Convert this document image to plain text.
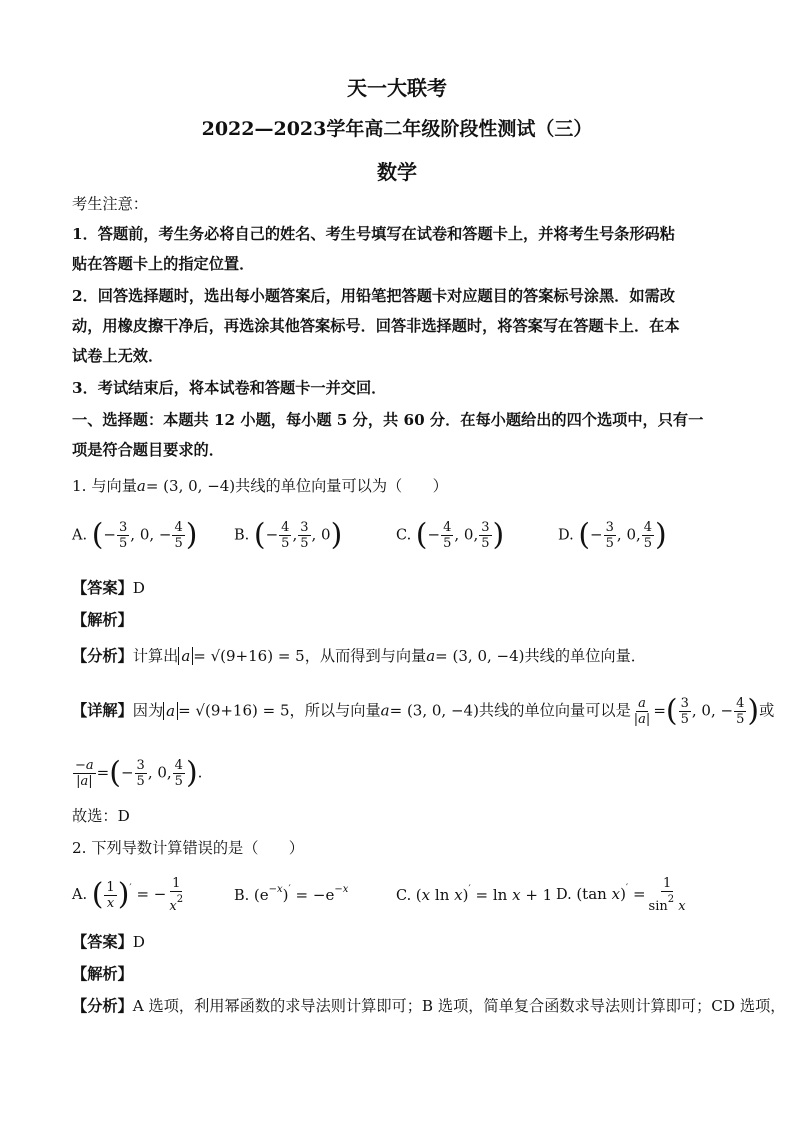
天一大联考
2022—2023学年高二年级阶段性测试（三）
数学
考生注意：
1．答题前，考生务必将自己的姓名、考生号填写在试卷和答题卡上，并将考生号条形码粘
贴在答题卡上的指定位置．
2．回答选择题时，选出每小题答案后，用铅笔把答题卡对应题目的答案标号涂黑．如需改
动，用橡皮擦干净后，再选涂其他答案标号．回答非选择题时，将答案写在答题卡上．在本
试卷上无效．
3．考试结束后，将本试卷和答题卡一并交回．
一、选择题：本题共 12 小题，每小题 5 分，共 60 分．在每小题给出的四个选项中，只有一
项是符合题目要求的．
1. 与向量a= (3, 0, −4)共线的单位向量可以为（　　）
A. (− $\frac{3}{5}$ , 0, − $\frac{4}{5}$ )	B. (− $\frac{4}{5}$ , $\frac{3}{5}$ , 0)	C. (− $\frac{4}{5}$ , 0, $\frac{3}{5}$ )	D. (− $\frac{3}{5}$ , 0, $\frac{4}{5}$ )
【答案】D
【解析】
【分析】计算出 a = √(9+16) = 5，从而得到与向量a= (3, 0, −4)共线的单位向量．
【详解】因为 a = √(9+16) = 5，所以与向量a= (3, 0, −4)共线的单位向量可以是 $\frac{a}{|a|}$ =( $\frac{3}{5}$ , 0, − $\frac{4}{5}$ )或
$\frac{-a}{|a|}$ =(− $\frac{3}{5}$ , 0, $\frac{4}{5}$ ).
故选：D
2. 下列导数计算错误的是（　　）
A. ( $\frac{1}{x} )'$ = − $\frac{1}{x^2}$	B. $(e^{-x})' = -e^{-x}$	C. (x ln x)′ = ln x + 1 D. (tan $x)' = \frac{1}{\sin^2 x}$
【答案】D
【解析】
【分析】A 选项，利用幂函数的求导法则计算即可；B 选项，简单复合函数求导法则计算即可；CD 选项，
